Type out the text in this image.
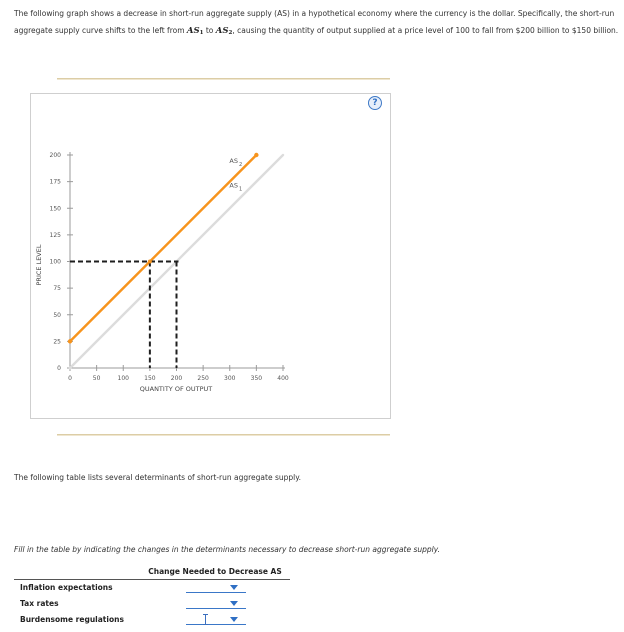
The following graph shows a decrease in short-run aggregate supply (AS) in a hypothetical economy where the currency is the dollar. Specifically, the short-run aggregate supply curve shifts to the left from $AS_1$ to $AS_2$, causing the quantity of output supplied at a price level of 100 to fall from $200 billion to $150 billion.

PRICE LEVEL
QUANTITY OF OUTPUT
0
25
50
75
100
125
150
175
200
0	50	100	150	200	250	300	350	400
$AS_1$
$AS_2$
?

The following table lists several determinants of short-run aggregate supply.

Fill in the table by indicating the changes in the determinants necessary to decrease short-run aggregate supply.

Change Needed to Decrease AS
Inflation expectations
Tax rates
Burdensome regulations
